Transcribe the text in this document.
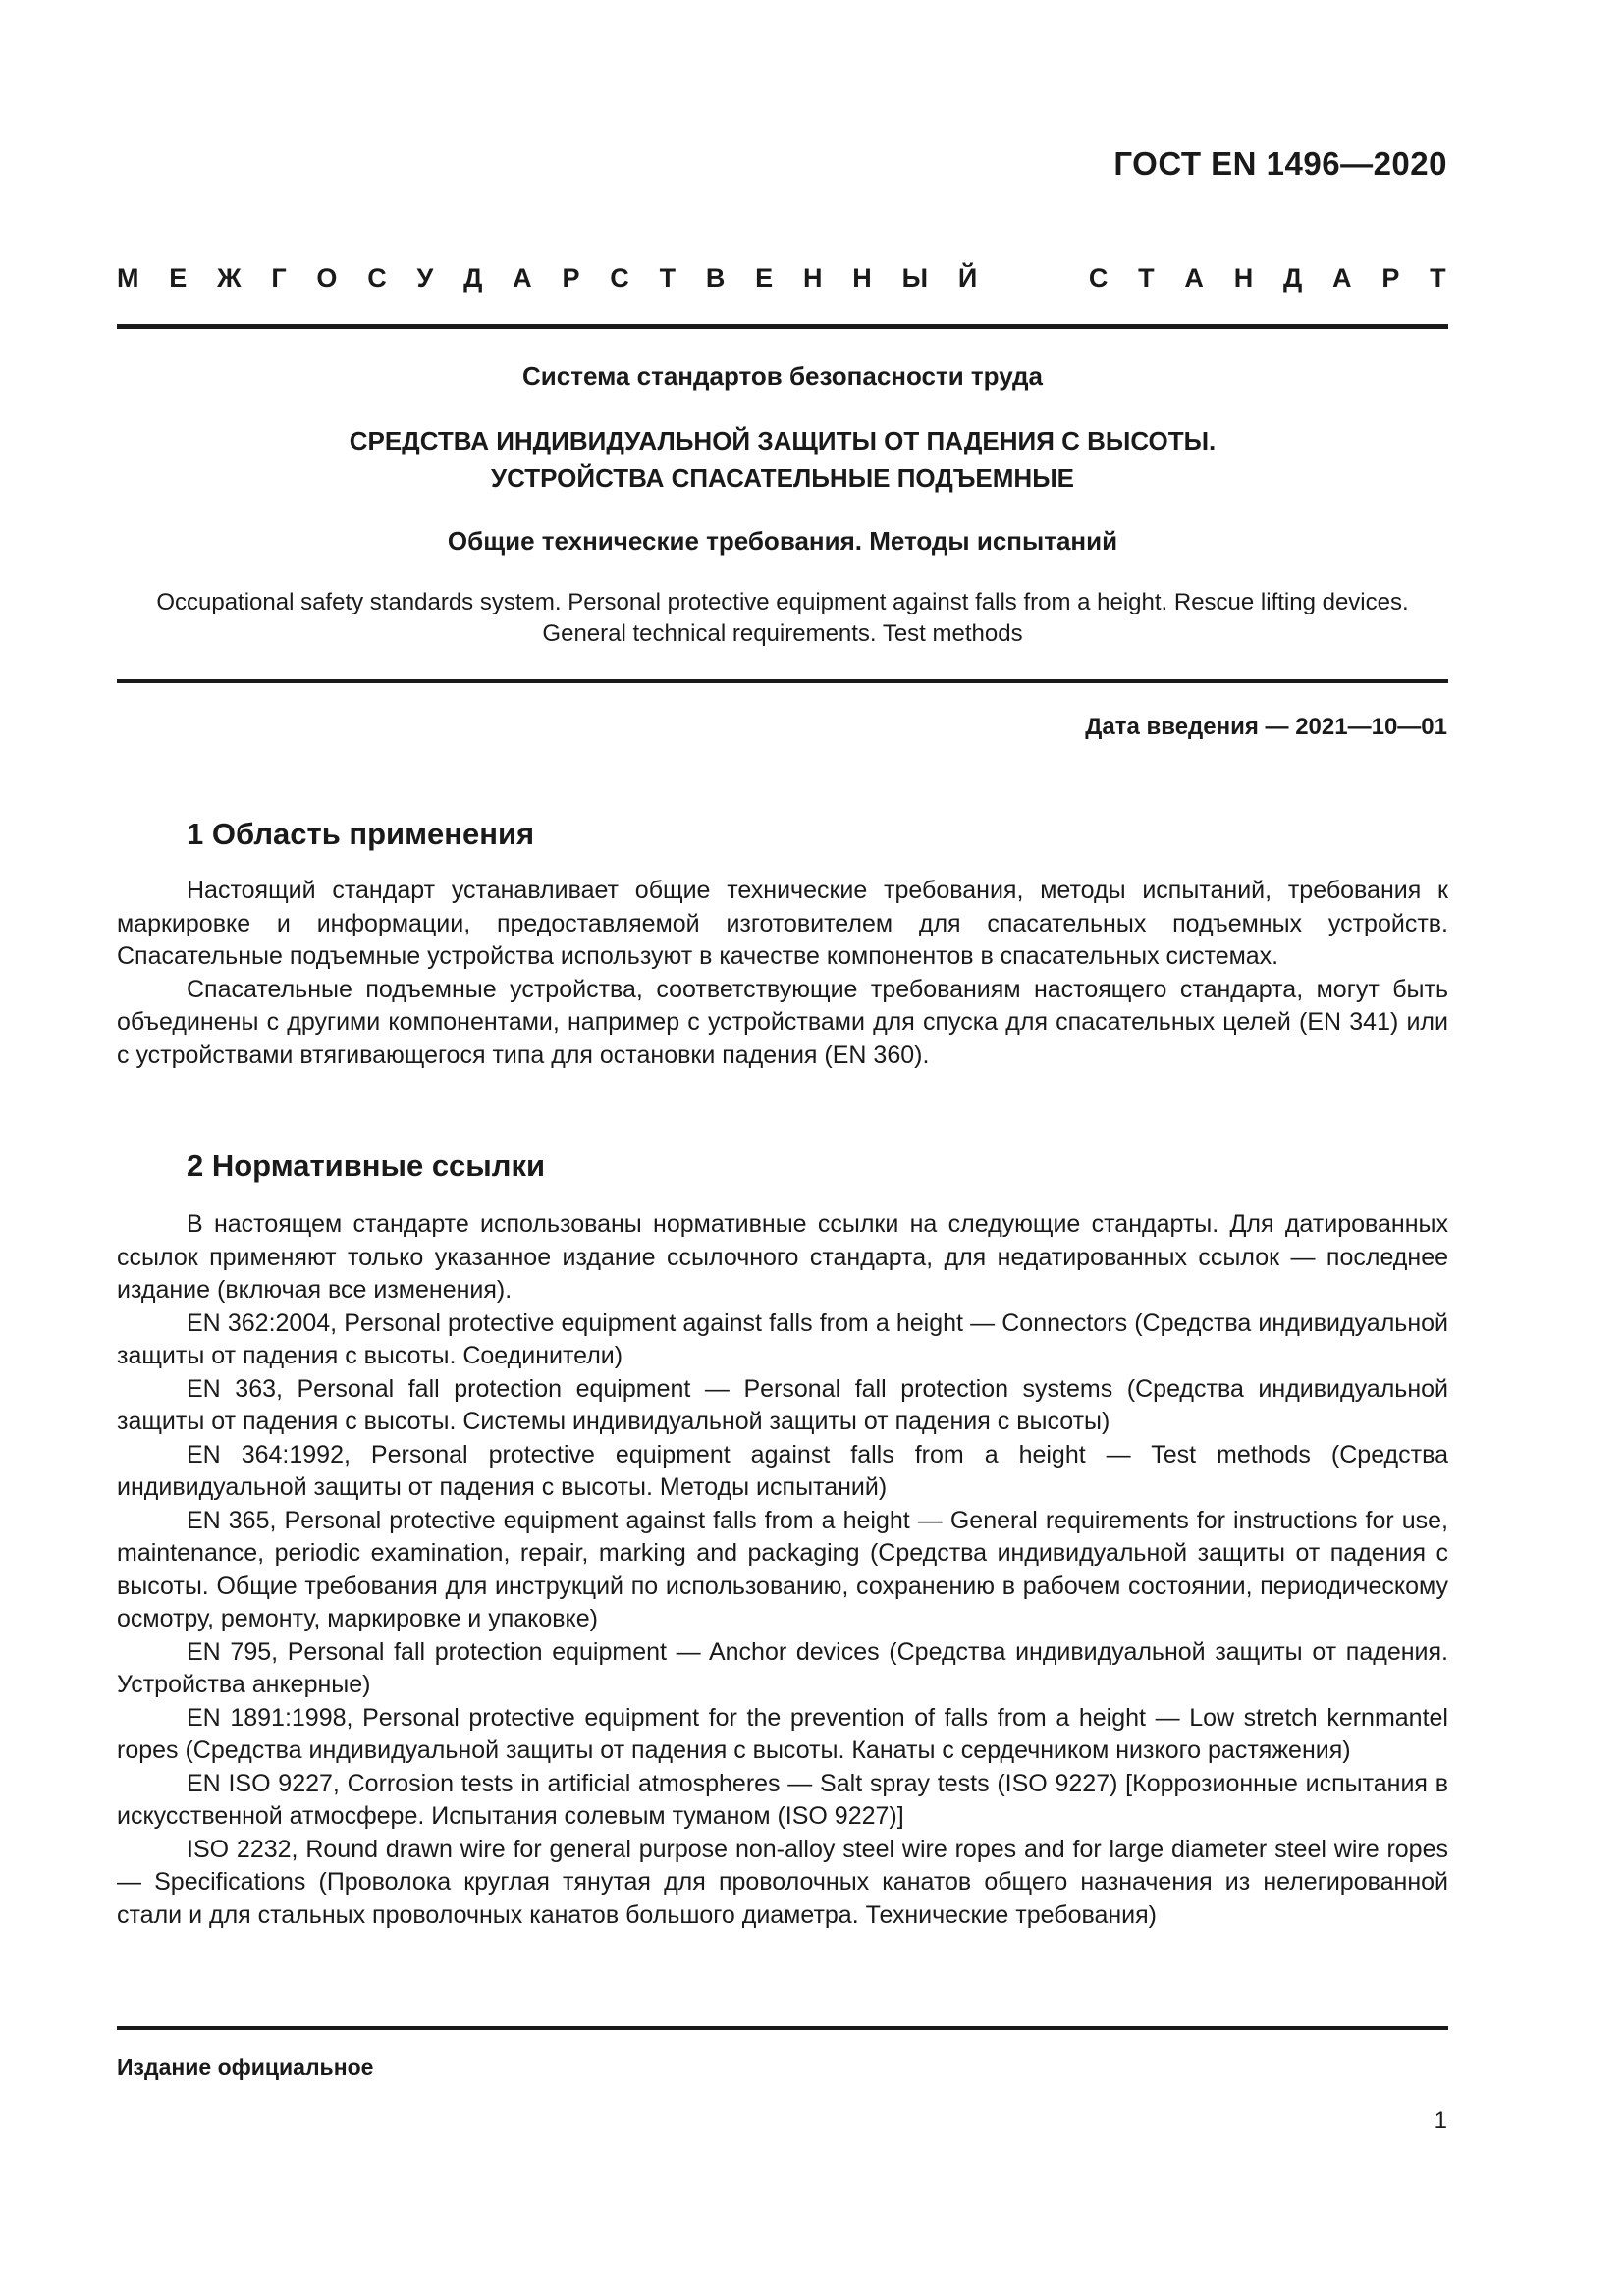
ГОСТ EN 1496—2020
М Е Ж Г О С У Д А Р С Т В Е Н Н Ы Й	С Т А Н Д А Р Т

Система стандартов безопасности труда

СРЕДСТВА ИНДИВИДУАЛЬНОЙ ЗАЩИТЫ ОТ ПАДЕНИЯ С ВЫСОТЫ.
УСТРОЙСТВА СПАСАТЕЛЬНЫЕ ПОДЪЕМНЫЕ

Общие технические требования. Методы испытаний

Occupational safety standards system. Personal protective equipment against falls from a height. Rescue lifting devices.
General technical requirements. Test methods
Дата введения — 2021—10—01
1 Область применения

Настоящий стандарт устанавливает общие технические требования, методы испытаний, требования к маркировке и информации, предоставляемой изготовителем для спасательных подъемных устройств. Спасательные подъемные устройства используют в качестве компонентов в спасательных системах.

Спасательные подъемные устройства, соответствующие требованиям настоящего стандарта, могут быть объединены с другими компонентами, например с устройствами для спуска для спасательных целей (EN 341) или с устройствами втягивающегося типа для остановки падения (EN 360).

2 Нормативные ссылки

В настоящем стандарте использованы нормативные ссылки на следующие стандарты. Для датированных ссылок применяют только указанное издание ссылочного стандарта, для недатированных ссылок — последнее издание (включая все изменения).

EN 362:2004, Personal protective equipment against falls from a height — Connectors (Средства индивидуальной защиты от падения с высоты. Соединители)

EN 363, Personal fall protection equipment — Personal fall protection systems (Средства индивидуальной защиты от падения с высоты. Системы индивидуальной защиты от падения с высоты)

EN 364:1992, Personal protective equipment against falls from a height — Test methods (Средства индивидуальной защиты от падения с высоты. Методы испытаний)

EN 365, Personal protective equipment against falls from a height — General requirements for instructions for use, maintenance, periodic examination, repair, marking and packaging (Средства индивидуальной защиты от падения с высоты. Общие требования для инструкций по использованию, сохранению в рабочем состоянии, периодическому осмотру, ремонту, маркировке и упаковке)

EN 795, Personal fall protection equipment — Anchor devices (Средства индивидуальной защиты от падения. Устройства анкерные)

EN 1891:1998, Personal protective equipment for the prevention of falls from a height — Low stretch kernmantel ropes (Средства индивидуальной защиты от падения с высоты. Канаты с сердечником низкого растяжения)

EN ISO 9227, Corrosion tests in artificial atmospheres — Salt spray tests (ISO 9227) [Коррозионные испытания в искусственной атмосфере. Испытания солевым туманом (ISO 9227)]

ISO 2232, Round drawn wire for general purpose non-alloy steel wire ropes and for large diameter steel wire ropes — Specifications (Проволока круглая тянутая для проволочных канатов общего назначения из нелегированной стали и для стальных проволочных канатов большого диаметра. Технические требования)

Издание официальное
1
